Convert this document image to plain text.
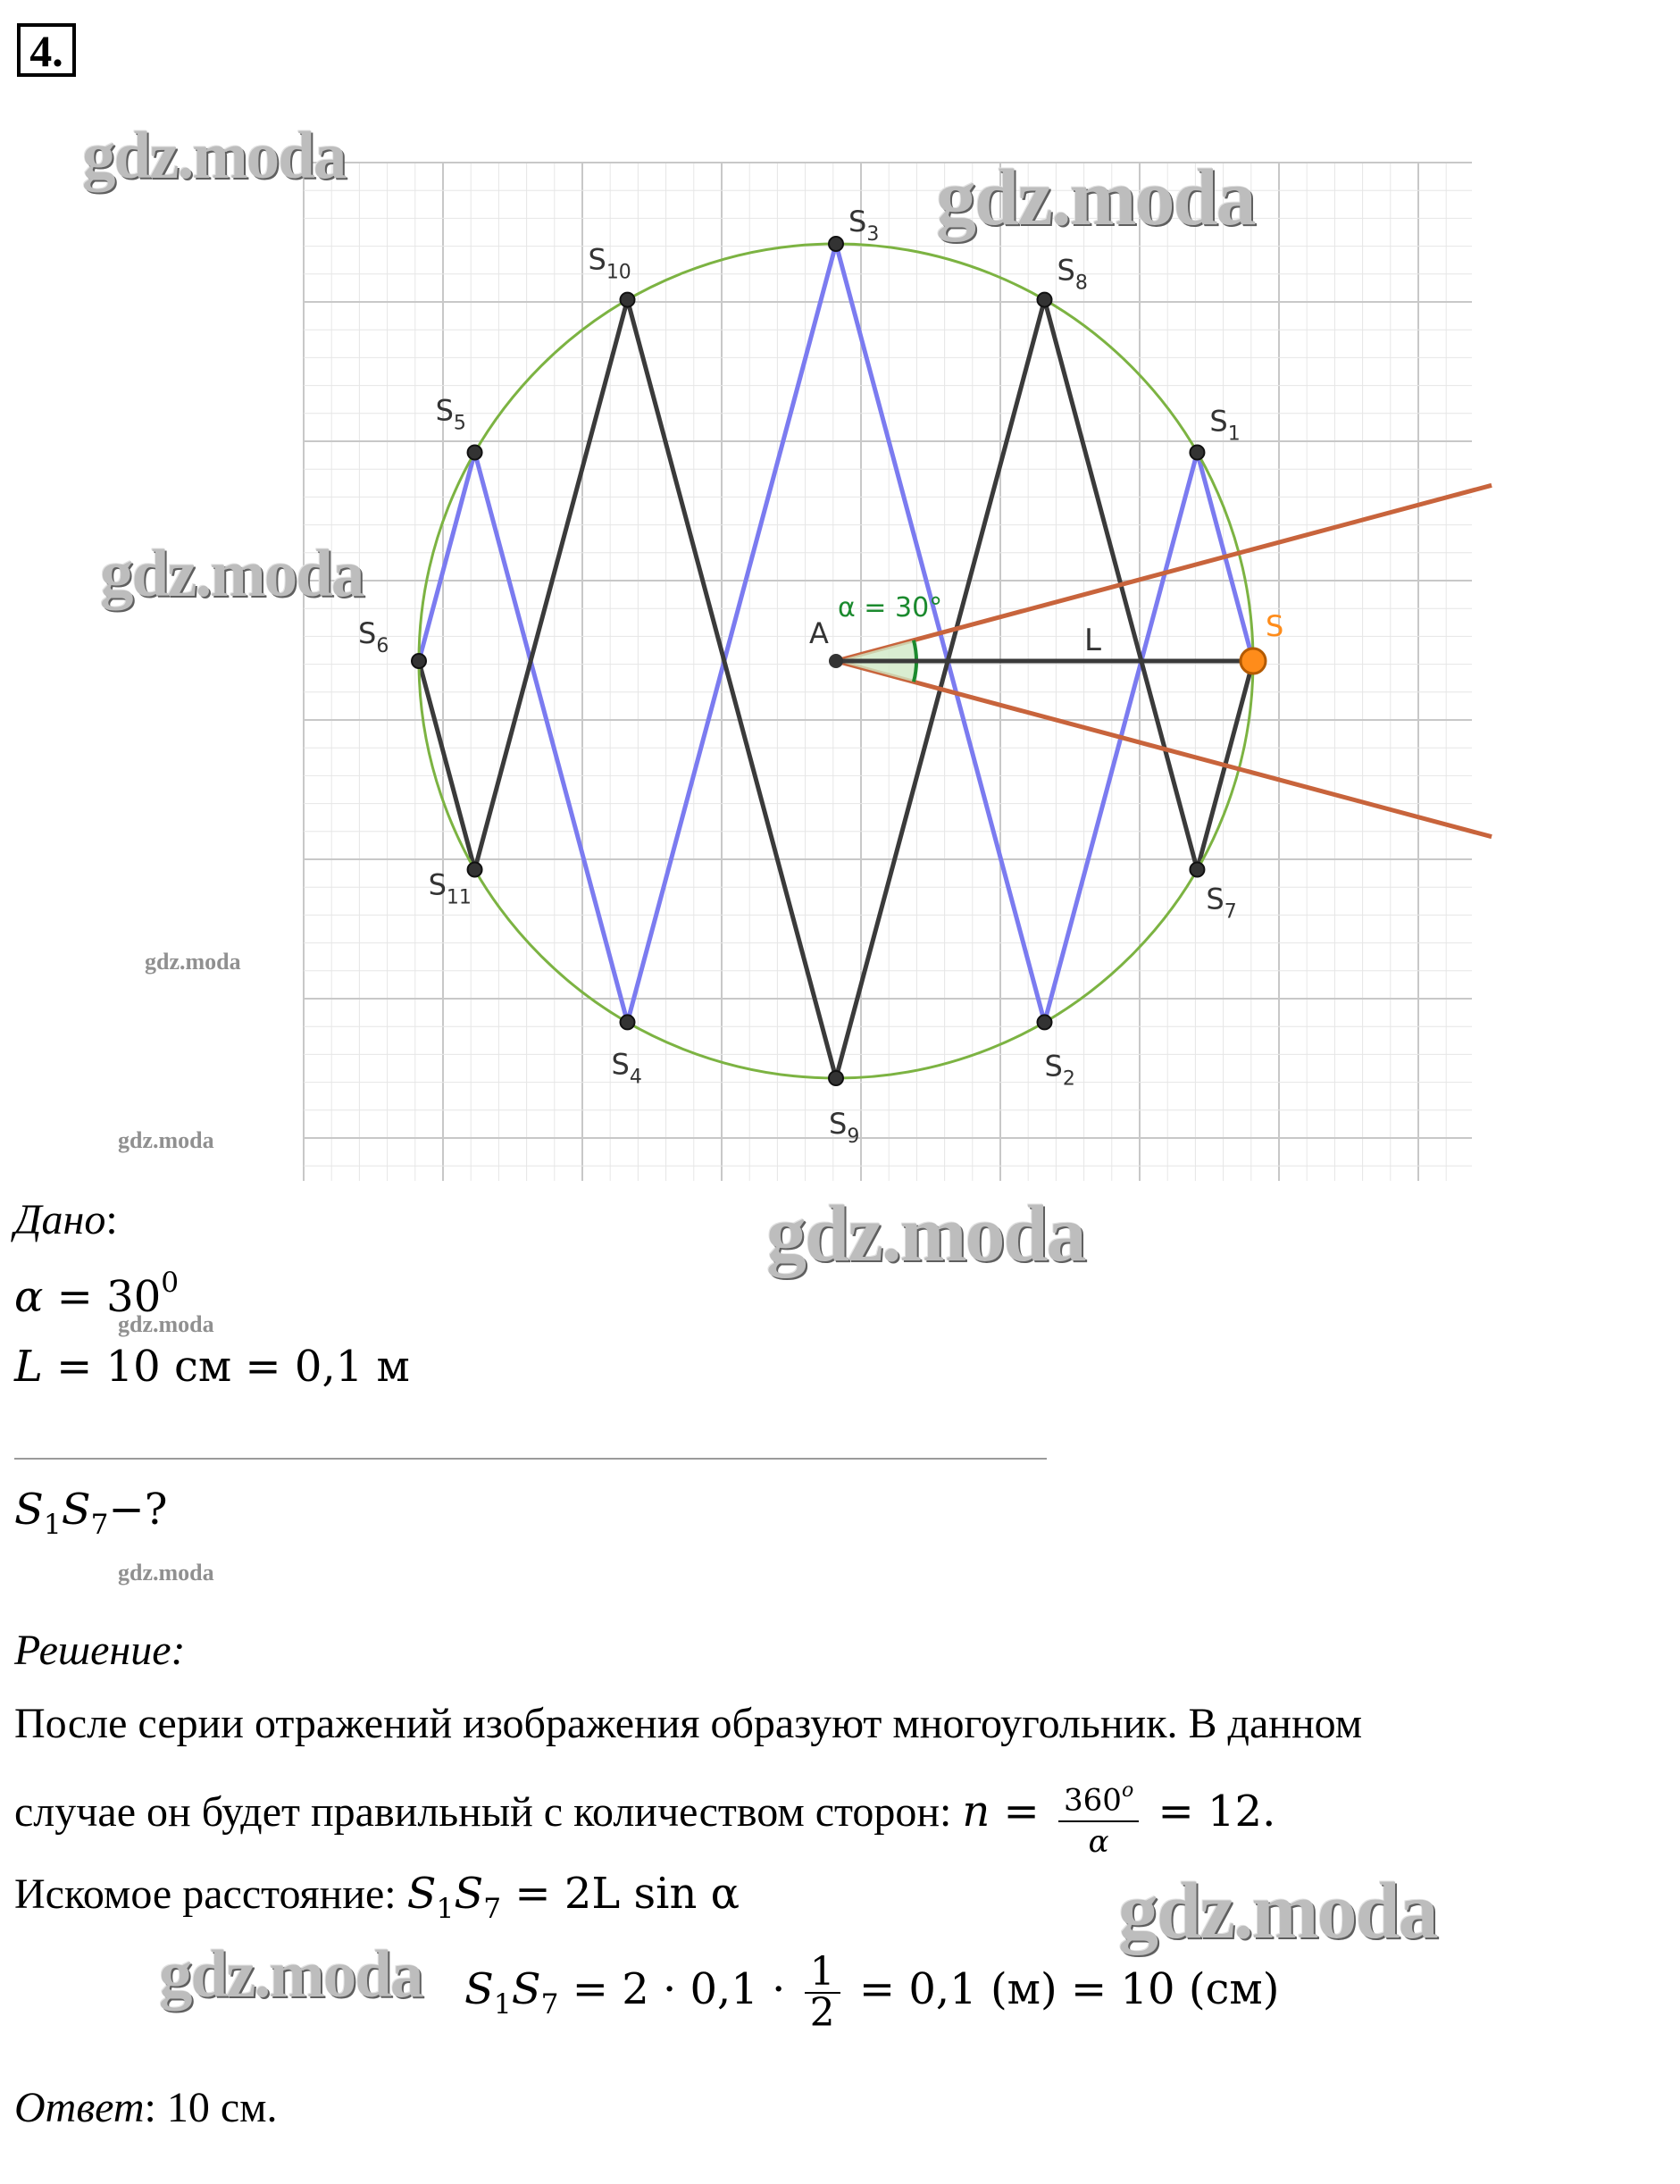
4.
A
α = 30°
L	S
$S_1$
$S_2$
$S_3$
$S_4$
$S_5$
$S_6$
$S_7$
$S_8$
$S_9$
$S_{10}$
$S_{11}$
gdz.moda	gdz.moda
gdz.moda
gdz.moda
gdz.moda
gdz.moda
gdz.moda
gdz.moda
gdz.moda
gdz.moda
Дано:
$\alpha = 30^0$
L = 10 см = 0,1 м
$S_1S_7-$?
Решение:
После серии отражений изображения образуют многоугольник. В данном
случае он будет правильный с количеством сторон: $n = \frac{360^o}{\alpha} = 12$.
Искомое расстояние: $S_1S_7 = 2L$ sin α
$S_1S_7 = 2 \cdot 0,1 \cdot \frac{1}{2} = 0,1$ (м) = 10 (см)
Ответ: 10 см.
